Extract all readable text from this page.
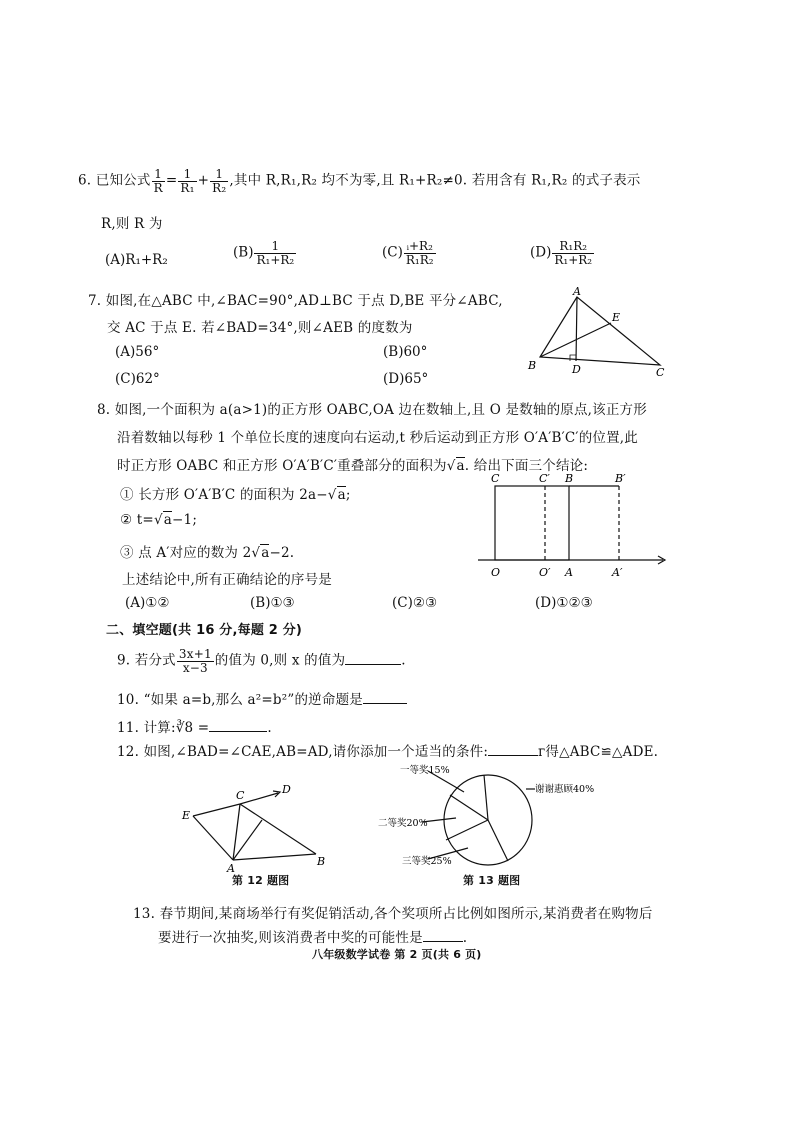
6. 已知公式 $\frac{1}{R} = \frac{1}{\text{R₁}} + \frac{1}{\text{R₂}}$ ,其中 R,R₁,R₂ 均不为零,且 R₁+R₂≠0. 若用含有 R₁,R₂ 的式子表示
R,则 R 为
(A)R₁+R₂	$(B) \frac{1}{\text{R₁+R₂}}$	$(C) \frac{\text{ᵢ+R₂}}{\text{R₁R₂}}$	$(D) \frac{\text{R₁R₂}}{\text{R₁+R₂}}$
7. 如图,在△ABC 中,∠BAC=90°,AD⊥BC 于点 D,BE 平分∠ABC,
交 AC 于点 E. 若∠BAD=34°,则∠AEB 的度数为
(A)56°	(B)60°
(C)62°	(D)65°
A
B
C
D
E
8. 如图,一个面积为 a(a>1)的正方形 OABC,OA 边在数轴上,且 O 是数轴的原点,该正方形
沿着数轴以每秒 1 个单位长度的速度向右运动,t 秒后运动到正方形 O′A′B′C′的位置,此
时正方形 OABC 和正方形 O′A′B′C′重叠部分的面积为√a. 给出下面三个结论:
① 长方形 O′A′B′C 的面积为 2a−√a;
② t=√a−1;
③ 点 A′对应的数为 2√a−2.
上述结论中,所有正确结论的序号是
(A)①②	(B)①③	(C)②③	(D)①②③
C	C′ B	B′
O	O′ A	A′
二、填空题(共 16 分,每题 2 分)
9. 若分式 $\frac{3x+1}{x-3}$ 的值为 0,则 x 的值为	.
10. “如果 a=b,那么 a²=b²”的逆命题是
11. 计算:∛8 =	.
12. 如图,∠BAD=∠CAE,AB=AD,请你添加一个适当的条件:	г得△ABC≌△ADE.
A
B
C	D
E
第 12 题图
一等奖15%
谢谢惠顾40%
三等奖25%
二等奖20%
第 13 题图
13. 春节期间,某商场举行有奖促销活动,各个奖项所占比例如图所示,某消费者在购物后
要进行一次抽奖,则该消费者中奖的可能性是	.
八年级数学试卷 第 2 页(共 6 页)
